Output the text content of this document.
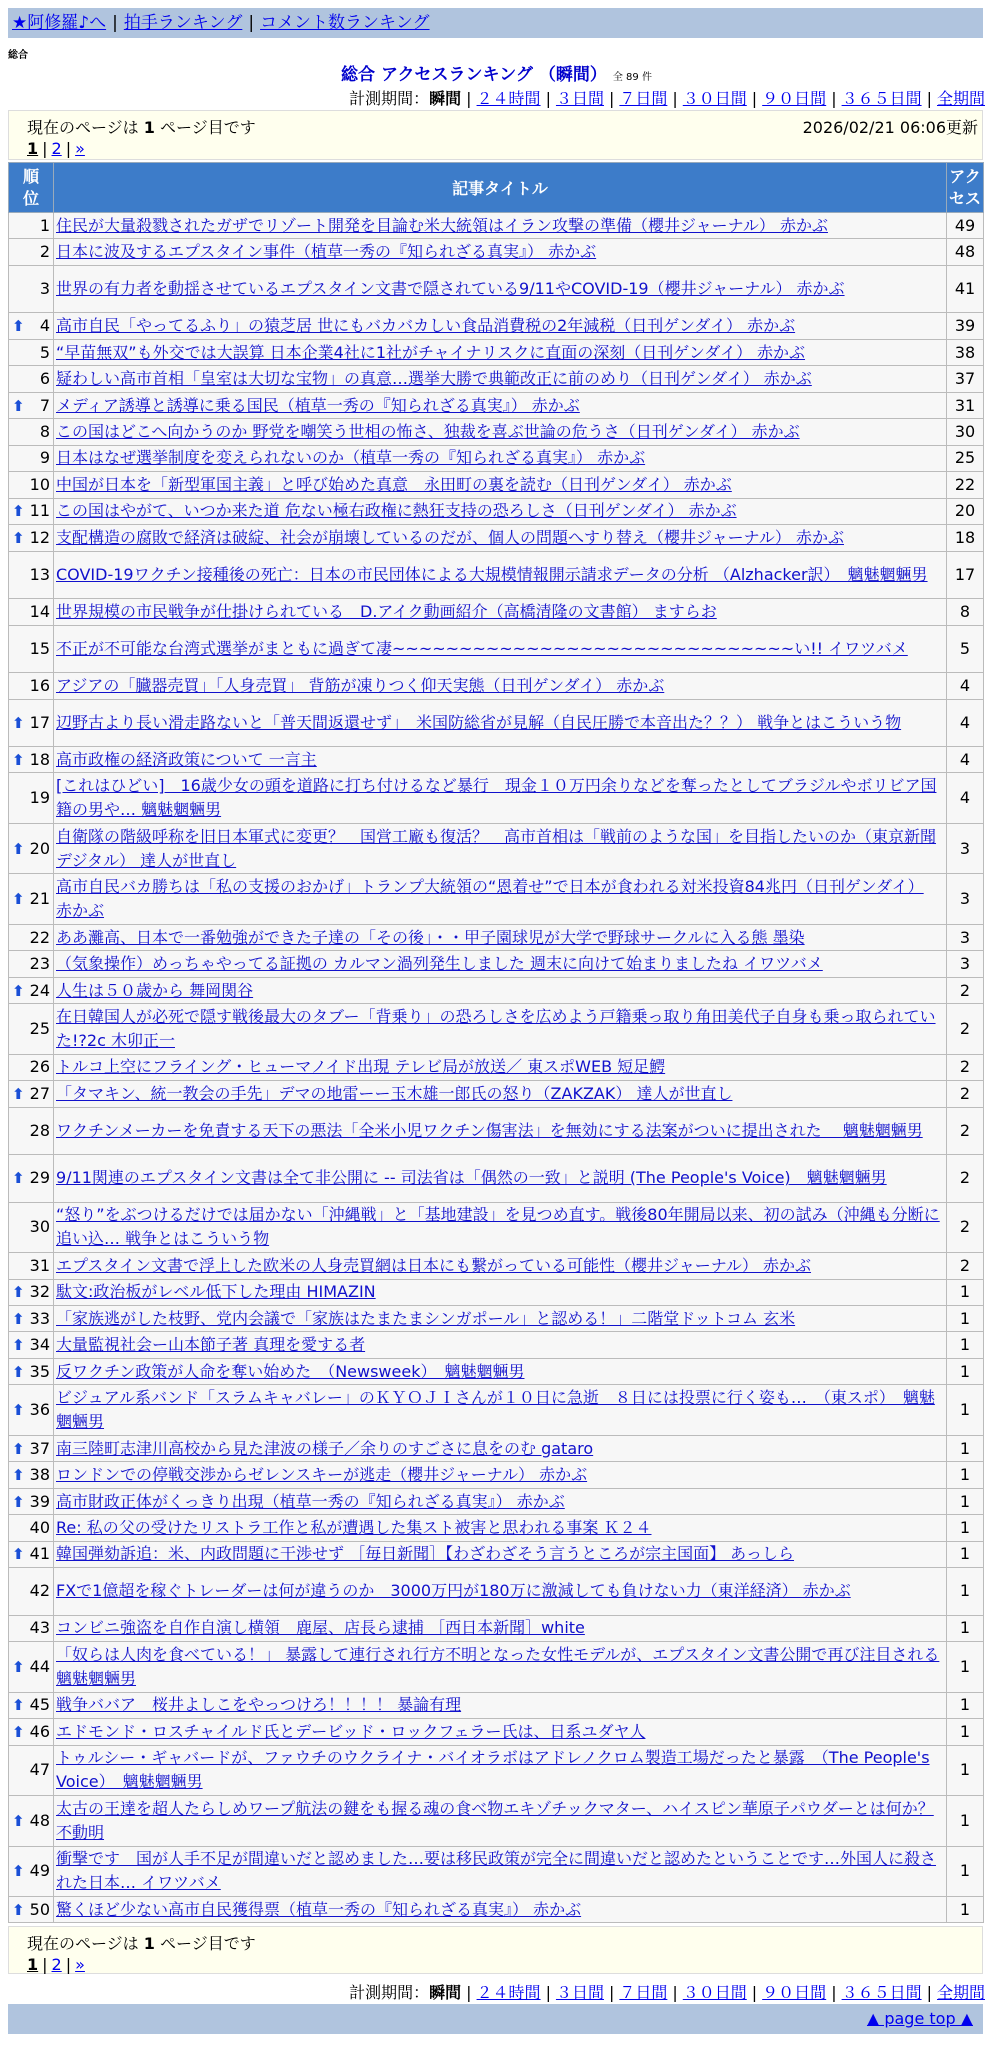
★阿修羅♪へ | 拍手ランキング | コメント数ランキング
総合
総合 アクセスランキング （瞬間） 全 89 件
計測期間：瞬間 | ２４時間 | ３日間 | ７日間 | ３０日間 | ９０日間 | ３６５日間 | 全期間
現在のページは 1 ページ目です	2026/02/21 06:06更新
1 | 2 | »
順位	記事タイトル	アクセス

1	住民が大量殺戮されたガザでリゾート開発を目論む米大統領はイラン攻撃の準備（櫻井ジャーナル） 赤かぶ	49
2	日本に波及するエプスタイン事件（植草一秀の『知られざる真実』） 赤かぶ	48
3	世界の有力者を動揺させているエプスタイン文書で隠されている9/11やCOVID-19（櫻井ジャーナル） 赤かぶ	41

⬆ 4	高市自民「やってるふり」の猿芝居 世にもバカバカしい食品消費税の2年減税（日刊ゲンダイ） 赤かぶ	39
5	“早苗無双”も外交では大誤算 日本企業4社に1社がチャイナリスクに直面の深刻（日刊ゲンダイ） 赤かぶ	38
6	疑わしい高市首相「皇室は大切な宝物」の真意…選挙大勝で典範改正に前のめり（日刊ゲンダイ） 赤かぶ	37

⬆ 7	メディア誘導と誘導に乗る国民（植草一秀の『知られざる真実』） 赤かぶ	31
8	この国はどこへ向かうのか 野党を嘲笑う世相の怖さ、独裁を喜ぶ世論の危うさ（日刊ゲンダイ） 赤かぶ	30
9	日本はなぜ選挙制度を変えられないのか（植草一秀の『知られざる真実』） 赤かぶ	25
10	中国が日本を「新型軍国主義」と呼び始めた真意　永田町の裏を読む（日刊ゲンダイ） 赤かぶ	22

⬆ 11	この国はやがて、いつか来た道 危ない極右政権に熱狂支持の恐ろしさ（日刊ゲンダイ） 赤かぶ	20

⬆ 12	支配構造の腐敗で経済は破綻、社会が崩壊しているのだが、個人の問題へすり替え（櫻井ジャーナル） 赤かぶ	18
13	COVID-19ワクチン接種後の死亡：日本の市民団体による大規模情報開示請求データの分析 （Alzhacker訳）　魑魅魍魎男	17
14	世界規模の市民戦争が仕掛けられている　D.アイク動画紹介（高橋清隆の文書館） ますらお	8
15	不正が不可能な台湾式選挙がまともに過ぎて凄~~~~~~~~~~~~~~~~~~~~~~~~~~~~~~い!! イワツバメ	5
16	アジアの「臓器売買」「人身売買」 背筋が凍りつく仰天実態（日刊ゲンダイ） 赤かぶ	4

⬆ 17	辺野古より長い滑走路ないと「普天間返還せず」　米国防総省が見解（自民圧勝で本音出た？？） 戦争とはこういう物	4

⬆ 18	高市政権の経済政策について 一言主	4
19	[これはひどい]　16歳少女の頭を道路に打ち付けるなど暴行　現金１０万円余りなどを奪ったとしてブラジルやボリビア国籍の男や… 魑魅魍魎男	4

⬆ 20	自衛隊の階級呼称を旧日本軍式に変更？　国営工廠も復活？　高市首相は「戦前のような国」を目指したいのか（東京新聞デジタル） 達人が世直し	3

⬆ 21	高市自民バカ勝ちは「私の支援のおかげ」トランプ大統領の“恩着せ”で日本が食われる対米投資84兆円（日刊ゲンダイ） 赤かぶ	3
22	ああ灘高、日本で一番勉強ができた子達の「その後」・・甲子園球児が大学で野球サークルに入る態 墨染	3
23	（気象操作）めっちゃやってる証拠の カルマン渦列発生しました 週末に向けて始まりましたね イワツバメ	3

⬆ 24	人生は５０歳から 舞岡関谷	2
25	在日韓国人が必死で隠す戦後最大のタブー「背乗り」の恐ろしさを広めよう戸籍乗っ取り角田美代子自身も乗っ取られていた!?2c 木卯正一	2
26	トルコ上空にフライング・ヒューマノイド出現 テレビ局が放送／ 東スポWEB 短足鰐	2

⬆ 27	「タマキン、統一教会の手先」デマの地雷ーー玉木雄一郎氏の怒り（ZAKZAK） 達人が世直し	2
28	ワクチンメーカーを免責する天下の悪法「全米小児ワクチン傷害法」を無効にする法案がついに提出された　 魑魅魍魎男	2

⬆ 29	9/11関連のエプスタイン文書は全て非公開に -- 司法省は「偶然の一致」と説明 (The People's Voice)　魑魅魍魎男	2
30	“怒り”をぶつけるだけでは届かない「沖縄戦」と「基地建設」を見つめ直す。戦後80年開局以来、初の試み（沖縄も分断に追い込… 戦争とはこういう物	2
31	エプスタイン文書で浮上した欧米の人身売買網は日本にも繋がっている可能性（櫻井ジャーナル） 赤かぶ	2

⬆ 32	駄文:政治板がレベル低下した理由 HIMAZIN	1

⬆ 33	「家族逃がした枝野、党内会議で「家族はたまたまシンガポール」と認める！」二階堂ドットコム 玄米	1

⬆ 34	大量監視社会ー山本節子著 真理を愛する者	1

⬆ 35	反ワクチン政策が人命を奪い始めた　（Newsweek）　魑魅魍魎男	1

⬆ 36	ビジュアル系バンド「スラムキャバレー」のＫＹＯＪＩさんが１０日に急逝　８日には投票に行く姿も…　（東スポ）　魑魅魍魎男	1

⬆ 37	南三陸町志津川高校から見た津波の様子／余りのすごさに息をのむ gataro	1

⬆ 38	ロンドンでの停戦交渉からゼレンスキーが逃走（櫻井ジャーナル） 赤かぶ	1

⬆ 39	高市財政正体がくっきり出現（植草一秀の『知られざる真実』） 赤かぶ	1
40	Re: 私の父の受けたリストラ工作と私が遭遇した集スト被害と思われる事案 Ｋ２４	1

⬆ 41	韓国弾劾訴追：米、内政問題に干渉せず ［毎日新聞］【わざわざそう言うところが宗主国面】 あっしら	1
42	FXで1億超を稼ぐトレーダーは何が違うのか　3000万円が180万に激減しても負けない力（東洋経済） 赤かぶ	1
43	コンビニ強盗を自作自演し横領　鹿屋、店長ら逮捕 ［西日本新聞］white	1

⬆ 44	「奴らは人肉を食べている！」 暴露して連行され行方不明となった女性モデルが、エプスタイン文書公開で再び注目される 魑魅魍魎男	1

⬆ 45	戦争ババア　桜井よしこをやっつけろ！！！！ 暴論有理	1

⬆ 46	エドモンド・ロスチャイルド氏とデービッド・ロックフェラー氏は、日系ユダヤ人	1
47	トゥルシー・ギャバードが、ファウチのウクライナ・バイオラボはアドレノクロム製造工場だったと暴露　（The People's Voice）　魑魅魍魎男	1

⬆ 48	太古の王達を超人たらしめワープ航法の鍵をも握る魂の食べ物エキゾチックマター、ハイスピン華原子パウダーとは何か？ 不動明	1

⬆ 49	衝撃です　国が人手不足が間違いだと認めました…要は移民政策が完全に間違いだと認めたということです…外国人に殺された日本… イワツバメ	1

⬆ 50	驚くほど少ない高市自民獲得票（植草一秀の『知られざる真実』） 赤かぶ	1
現在のページは 1 ページ目です
1 | 2 | »
計測期間：瞬間 | ２４時間 | ３日間 | ７日間 | ３０日間 | ９０日間 | ３６５日間 | 全期間
▲ page top ▲
